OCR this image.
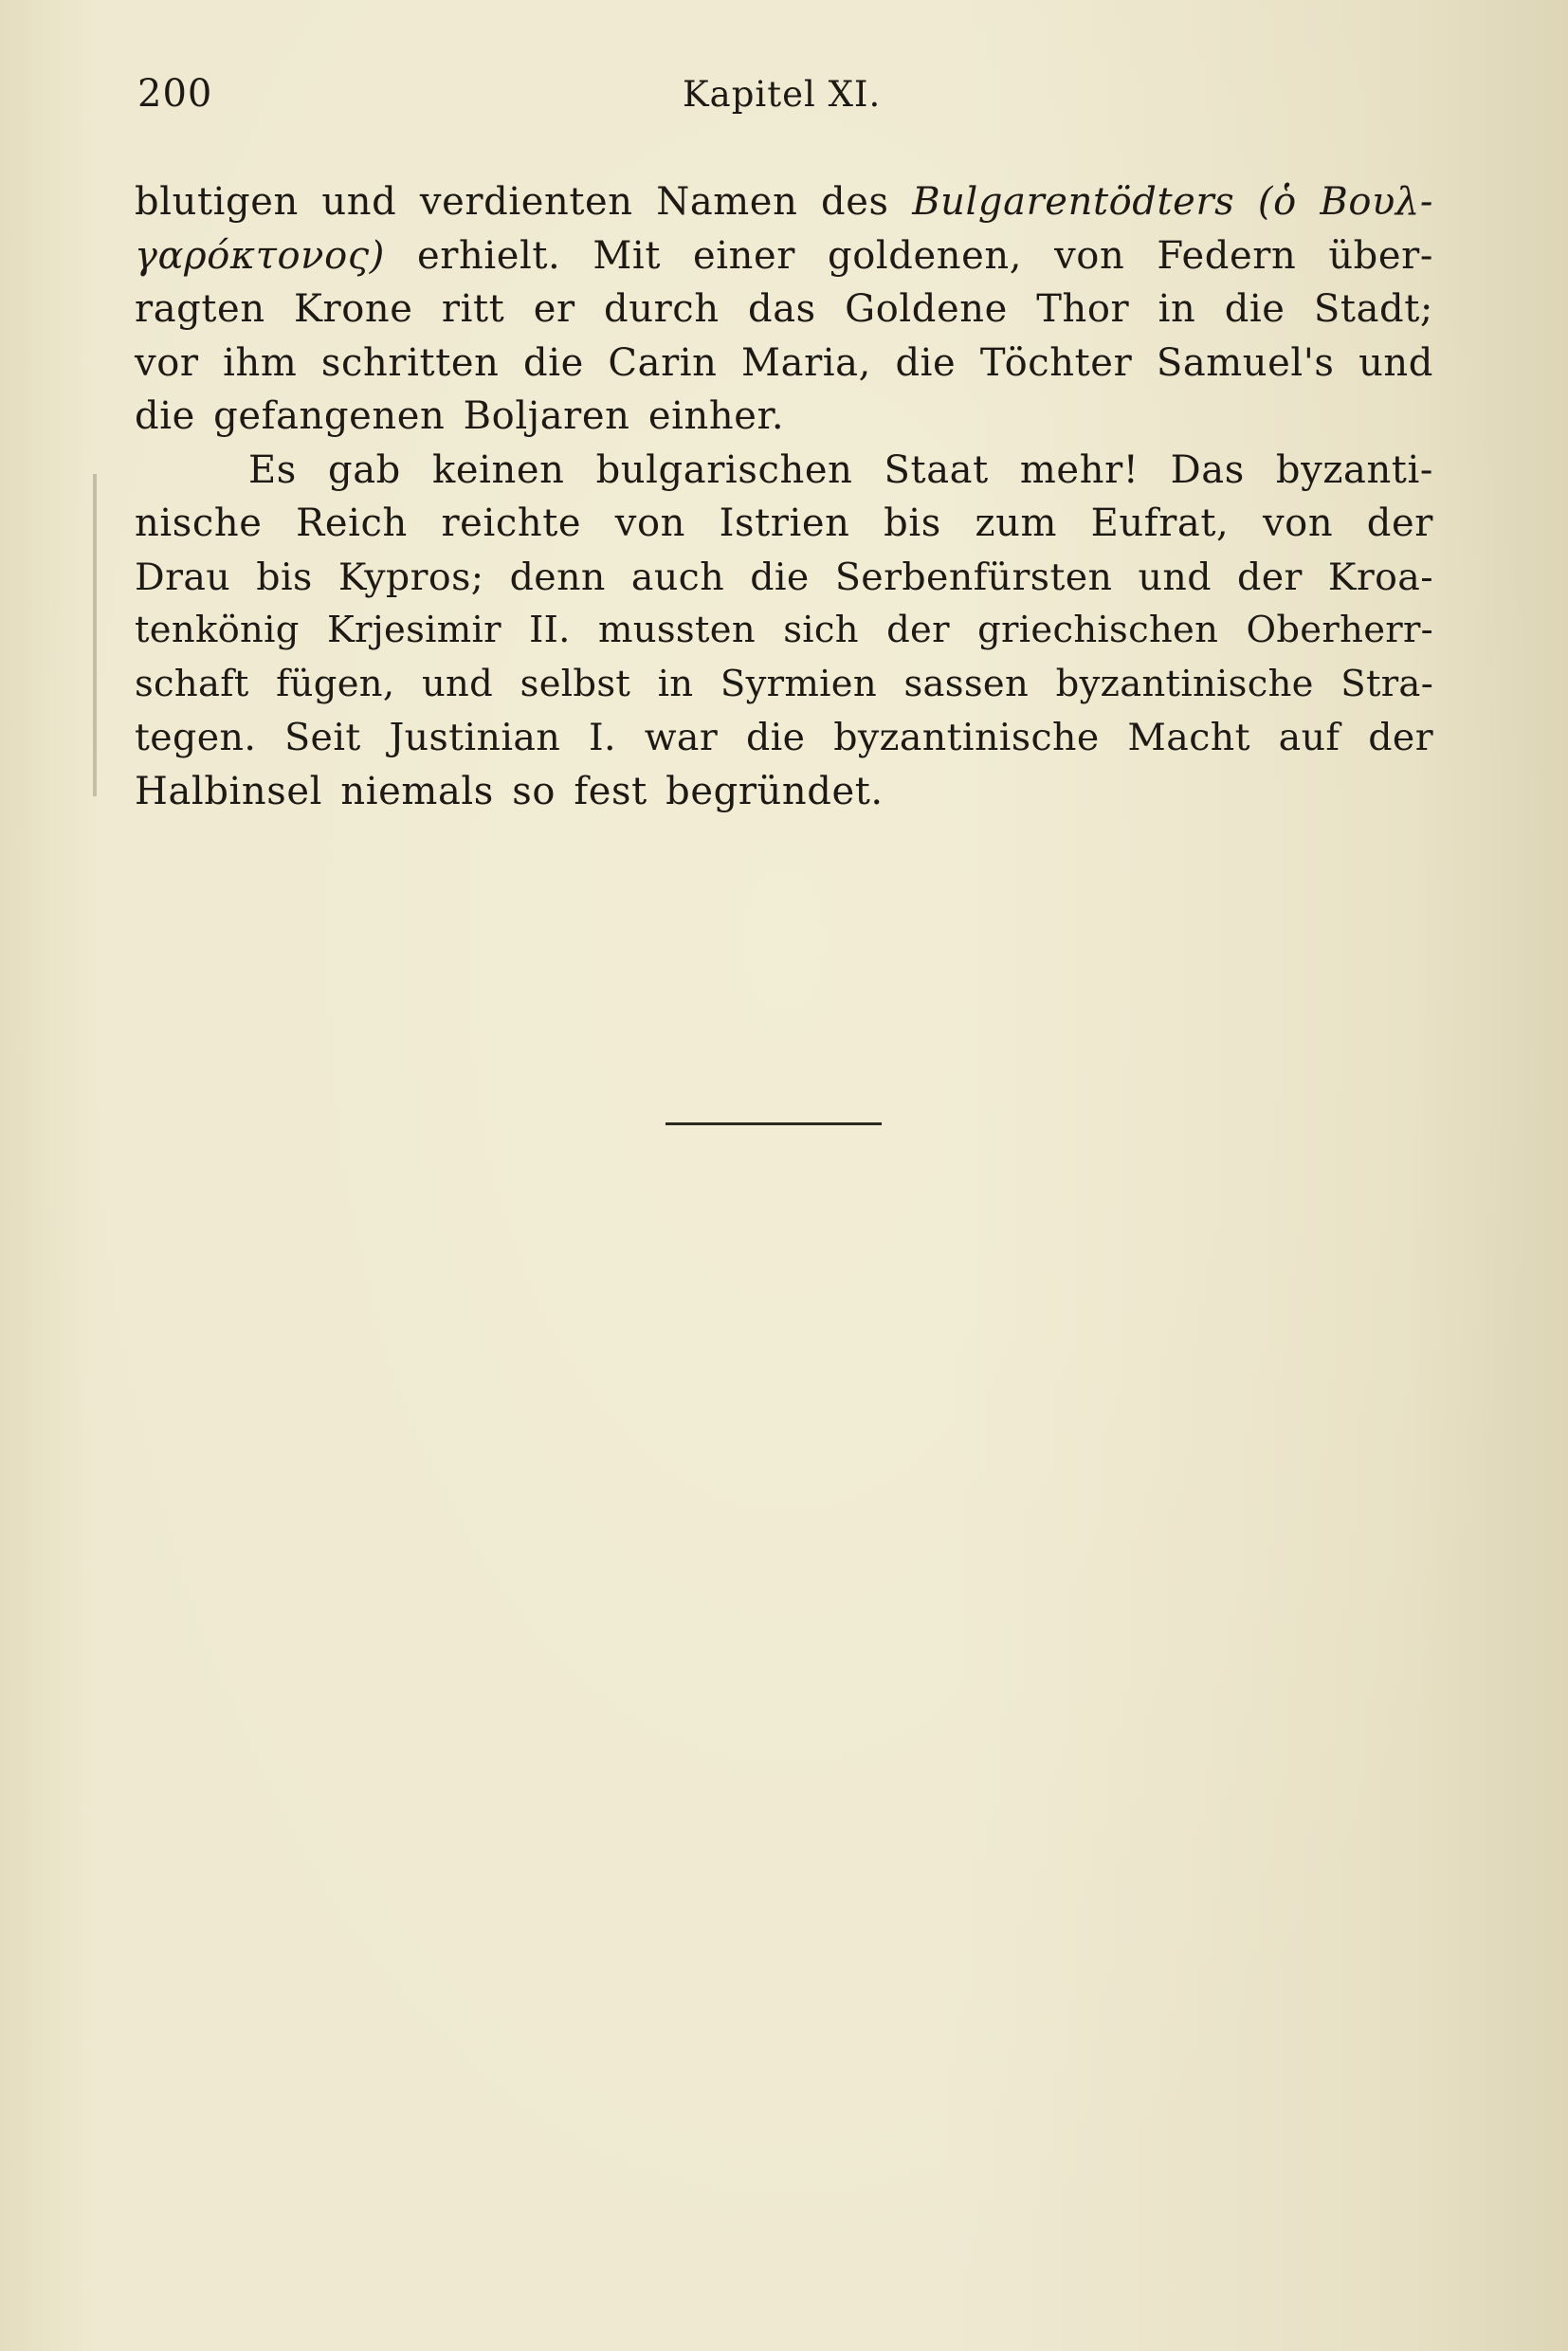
200	Kapitel XI.
blutigen und verdienten Namen des Bulgarentödters (ὁ Βουλ-
γαρόκτονος) erhielt. Mit einer goldenen, von Federn über-
ragten Krone ritt er durch das Goldene Thor in die Stadt;
vor ihm schritten die Carin Maria, die Töchter Samuel's und
die gefangenen Boljaren einher.
Es gab keinen bulgarischen Staat mehr! Das byzanti-
nische Reich reichte von Istrien bis zum Eufrat, von der
Drau bis Kypros; denn auch die Serbenfürsten und der Kroa-
tenkönig Krjesimir II. mussten sich der griechischen Oberherr-
schaft fügen, und selbst in Syrmien sassen byzantinische Stra-
tegen. Seit Justinian I. war die byzantinische Macht auf der
Halbinsel niemals so fest begründet.
